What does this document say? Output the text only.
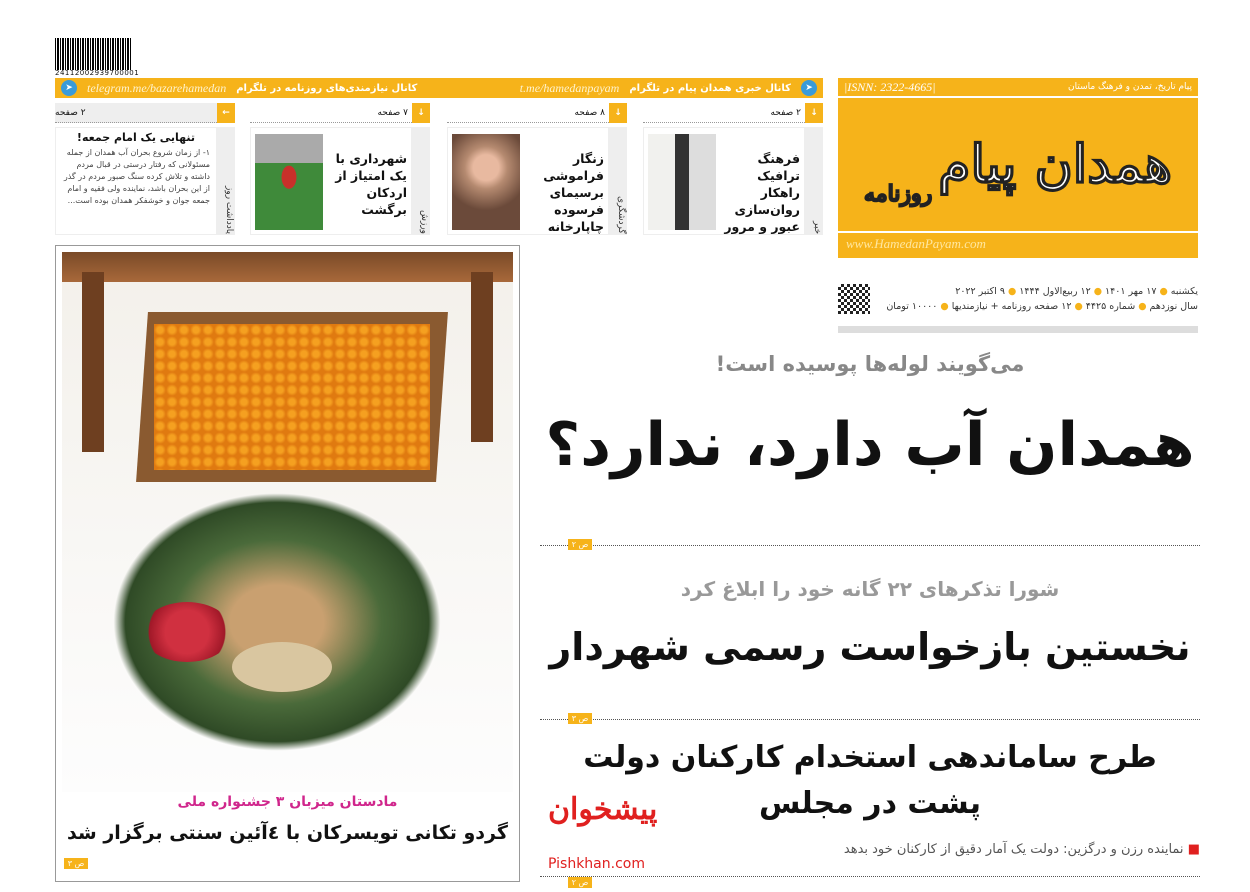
24112002939700001
➤
کانال خبری همدان پیام در تلگرام
t.me/hamedanpayam
کانال نیازمندی‌های روزنامه در تلگرام
telegram.me/bazarehamedan
➤	|ISNN: 2322-4665|	پیام تاریخ، تمدن و فرهنگ ماستان
همدان پیام
روزنامه
www.HamedanPayam.com
یکشنبه ● ۱۷ مهر ۱۴۰۱ ● ۱۲ ربیع‌الاول ۱۴۴۴ ● ۹ اکتبر ۲۰۲۲
سال نوزدهم ● شماره ۴۴۲۵ ● ۱۲ صفحه روزنامه + نیازمندیها ● ۱۰۰۰۰ تومان
↓
۲ صفحه
خبر
فرهنگ ترافیک راهکار روان‌سازی عبور و مرور
↓
۸ صفحه
گردشگری
زنگار فراموشی برسیمای فرسوده چاپارخانه
↓
۷ صفحه
ورزش
شهرداری با یک امتیاز از اردکان برگشت
←
۲ صفحه
یادداشت روز
تنهایی یک امام جمعه!
۱- از زمان شروع بحران آب همدان از جمله مسئولانی که رفتار درستی در قبال مردم داشته و تلاش کرده سنگ صبور مردم در گذر از این بحران باشد، نماینده ولی فقیه و امام جمعه جوان و خوشفکر همدان بوده است...
می‌گویند لوله‌ها پوسیده است!
همدان آب دارد، ندارد؟
۲ ص
شورا تذکرهای ۲۲ گانه خود را ابلاغ کرد
نخستین بازخواست رسمی شهردار
۳ ص
طرح ساماندهی استخدام کارکنان دولت
پشت در مجلس
■ نماینده رزن و درگزین: دولت یک آمار دقیق از کارکنان خود بدهد
۲ ص
مادستان میزبان ۳ جشنواره ملی
گردو تکانی تویسرکان با ٤آئین سنتی برگزار شد
۳ ص
پیشخوان
Pishkhan.com
